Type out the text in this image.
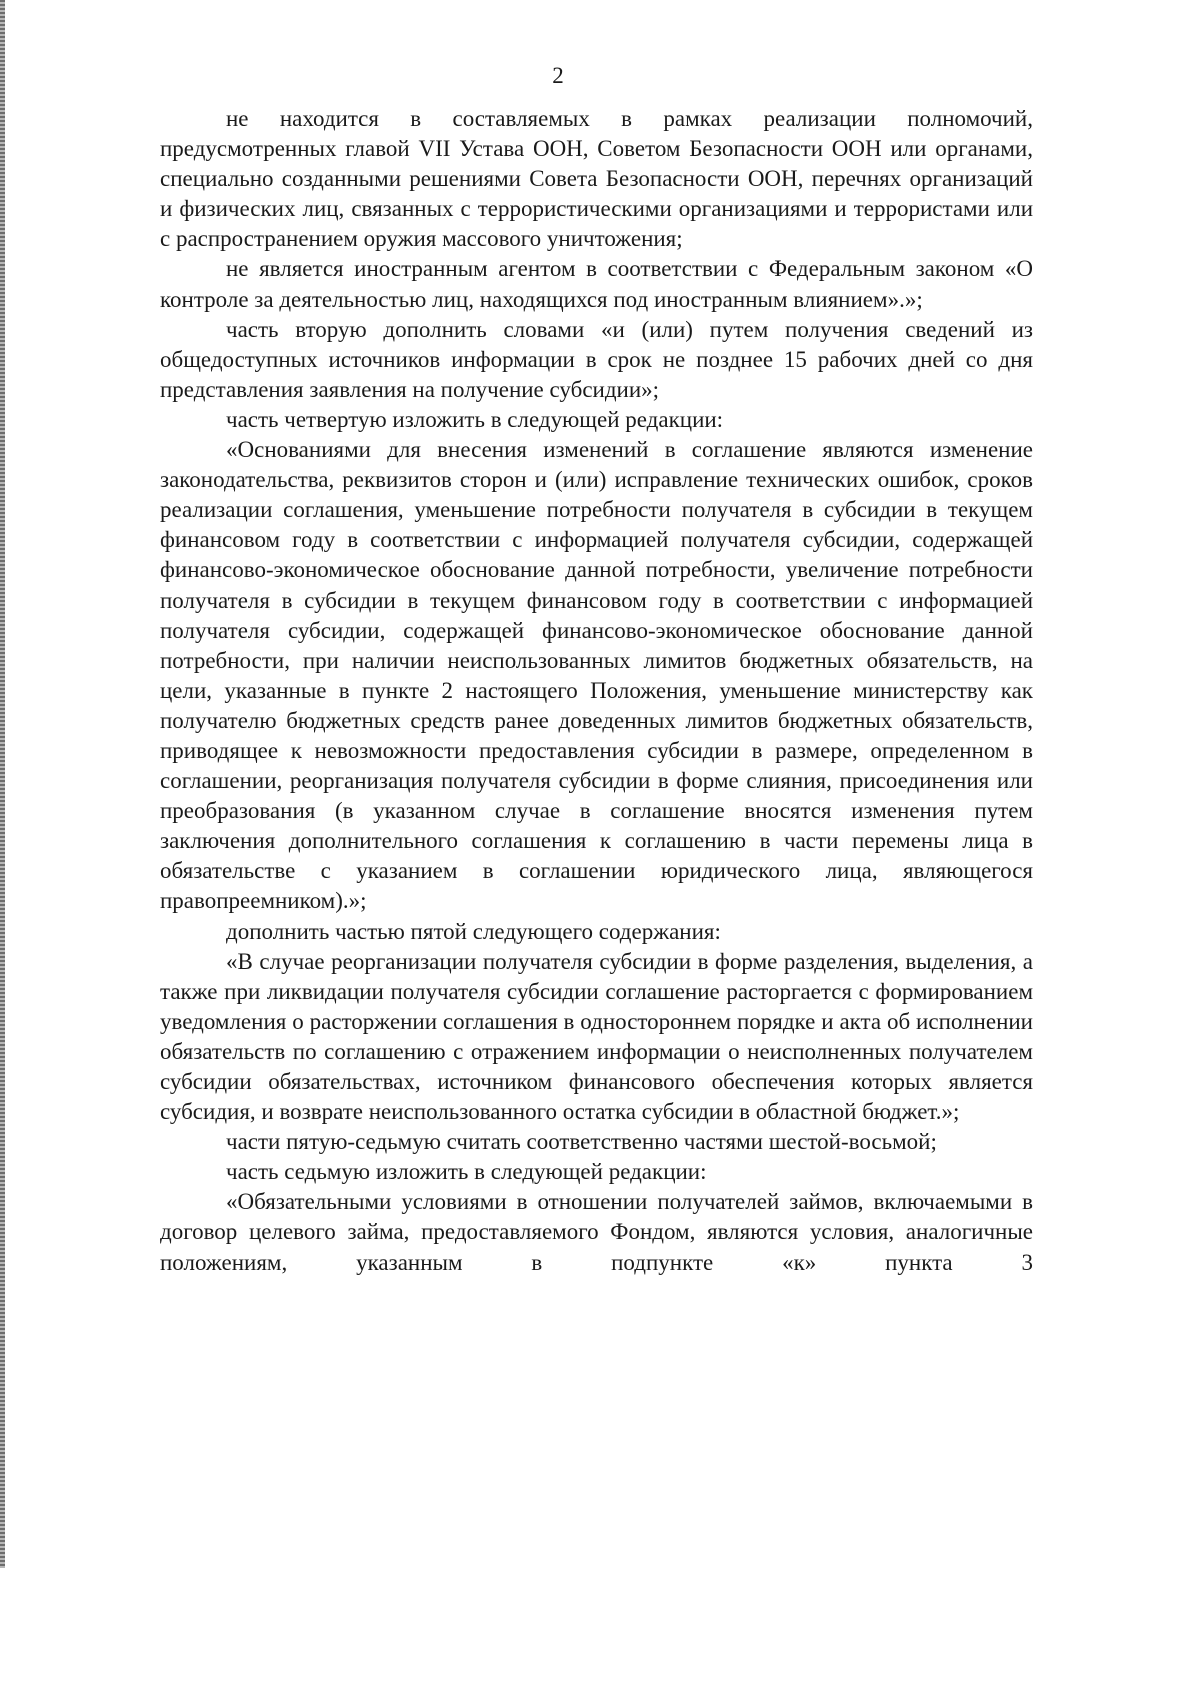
2

не находится в составляемых в рамках реализации полномочий, предусмотренных главой VII Устава ООН, Советом Безопасности ООН или органами, специально созданными решениями Совета Безопасности ООН, перечнях организаций и физических лиц, связанных с террористическими организациями и террористами или с распространением оружия массового уничтожения;

не является иностранным агентом в соответствии с Федеральным законом «О контроле за деятельностью лиц, находящихся под иностранным влиянием».»;

часть вторую дополнить словами «и (или) путем получения сведений из общедоступных источников информации в срок не позднее 15 рабочих дней со дня представления заявления на получение субсидии»;

часть четвертую изложить в следующей редакции:

«Основаниями для внесения изменений в соглашение являются изменение законодательства, реквизитов сторон и (или) исправление технических ошибок, сроков реализации соглашения, уменьшение потребности получателя в субсидии в текущем финансовом году в соответствии с информацией получателя субсидии, содержащей финансово-экономическое обоснование данной потребности, увеличение потребности получателя в субсидии в текущем финансовом году в соответствии с информацией получателя субсидии, содержащей финансово-экономическое обоснование данной потребности, при наличии неиспользованных лимитов бюджетных обязательств, на цели, указанные в пункте 2 настоящего Положения, уменьшение министерству как получателю бюджетных средств ранее доведенных лимитов бюджетных обязательств, приводящее к невозможности предоставления субсидии в размере, определенном в соглашении, реорганизация получателя субсидии в форме слияния, присоединения или преобразования (в указанном случае в соглашение вносятся изменения путем заключения дополнительного соглашения к соглашению в части перемены лица в обязательстве с указанием в соглашении юридического лица, являющегося правопреемником).»;

дополнить частью пятой следующего содержания:

«В случае реорганизации получателя субсидии в форме разделения, выделения, а также при ликвидации получателя субсидии соглашение расторгается с формированием уведомления о расторжении соглашения в одностороннем порядке и акта об исполнении обязательств по соглашению с отражением информации о неисполненных получателем субсидии обязательствах, источником финансового обеспечения которых является субсидия, и возврате неиспользованного остатка субсидии в областной бюджет.»;

части пятую-седьмую считать соответственно частями шестой-восьмой;

часть седьмую изложить в следующей редакции:

«Обязательными условиями в отношении получателей займов, включаемыми в договор целевого займа, предоставляемого Фондом, являются условия, аналогичные положениям, указанным в подпункте «к» пункта 3
